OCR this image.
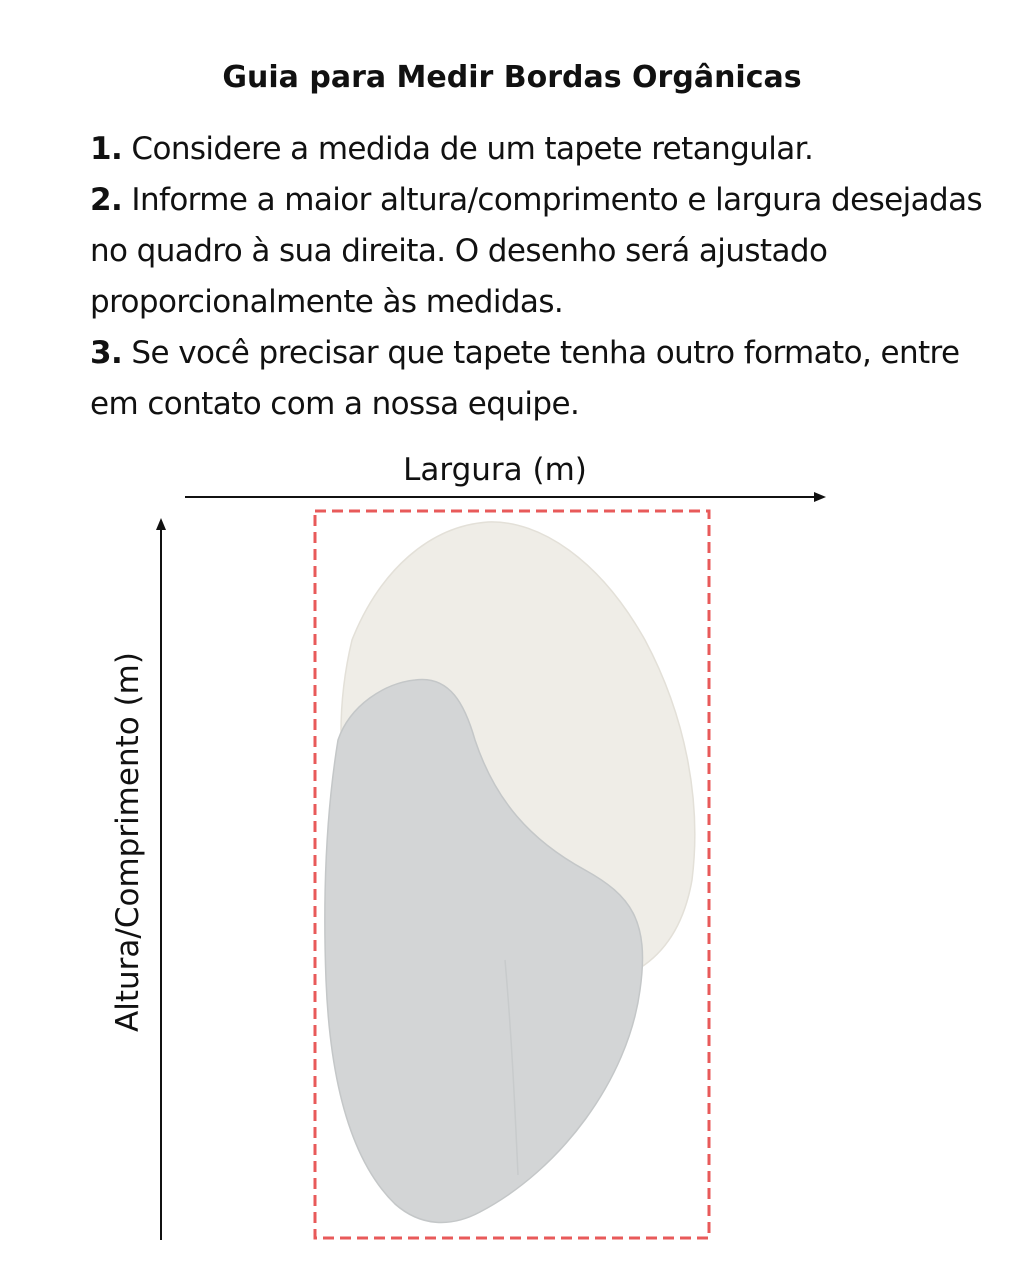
Guia para Medir Bordas Orgânicas

1. Considere a medida de um tapete retangular.

2. Informe a maior altura/comprimento e largura desejadas no quadro à sua direita. O desenho será ajustado proporcionalmente às medidas.

3. Se você precisar que tapete tenha outro formato, entre em contato com a nossa equipe.

Largura (m)
Altura/Comprimento (m)
